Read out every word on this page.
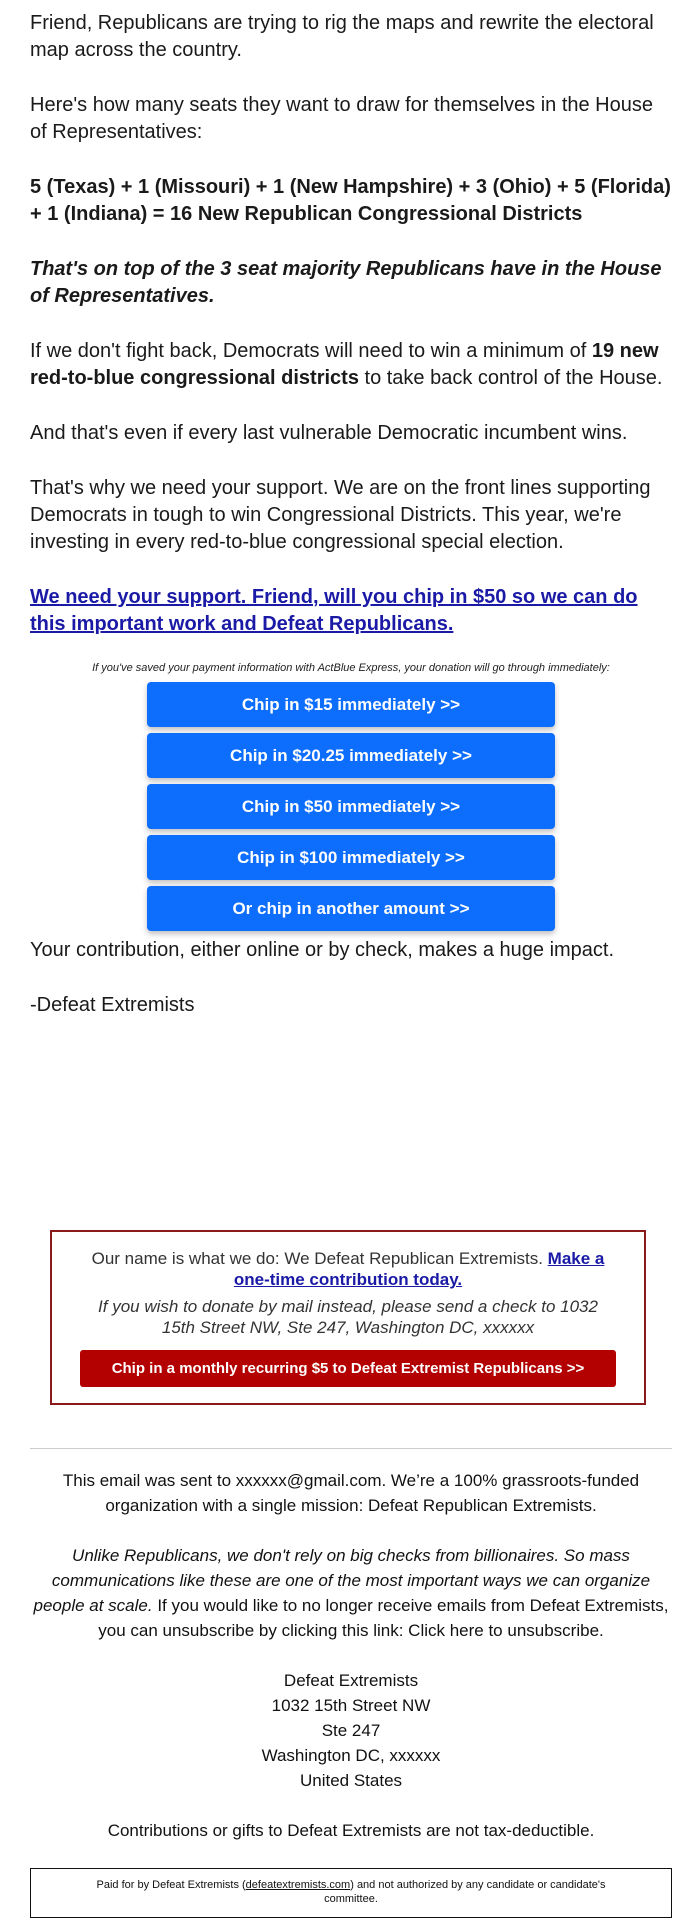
Friend, Republicans are trying to rig the maps and rewrite the electoral map across the country.

Here's how many seats they want to draw for themselves in the House of Representatives:

5 (Texas) + 1 (Missouri) + 1 (New Hampshire) + 3 (Ohio) + 5 (Florida) + 1 (Indiana) = 16 New Republican Congressional Districts

That's on top of the 3 seat majority Republicans have in the House of Representatives.

If we don't fight back, Democrats will need to win a minimum of 19 new red-to-blue congressional districts to take back control of the House.

And that's even if every last vulnerable Democratic incumbent wins.

That's why we need your support. We are on the front lines supporting Democrats in tough to win Congressional Districts. This year, we're investing in every red-to-blue congressional special election.

We need your support. Friend, will you chip in $50 so we can do this important work and Defeat Republicans.

If you've saved your payment information with ActBlue Express, your donation will go through immediately:

Chip in $15 immediately >>
Chip in $20.25 immediately >>
Chip in $50 immediately >>
Chip in $100 immediately >>
Or chip in another amount >>

Your contribution, either online or by check, makes a huge impact.

-Defeat Extremists

Our name is what we do: We Defeat Republican Extremists. Make a one-time contribution today.
If you wish to donate by mail instead, please send a check to 1032 15th Street NW, Ste 247, Washington DC, xxxxxx
Chip in a monthly recurring $5 to Defeat Extremist Republicans >>

This email was sent to xxxxxx@gmail.com. We’re a 100% grassroots-funded organization with a single mission: Defeat Republican Extremists.

Unlike Republicans, we don't rely on big checks from billionaires. So mass communications like these are one of the most important ways we can organize people at scale. If you would like to no longer receive emails from Defeat Extremists, you can unsubscribe by clicking this link: Click here to unsubscribe.

Defeat Extremists
1032 15th Street NW
Ste 247
Washington DC, xxxxxx
United States

Contributions or gifts to Defeat Extremists are not tax-deductible.

Paid for by Defeat Extremists (defeatextremists.com) and not authorized by any candidate or candidate's committee.
